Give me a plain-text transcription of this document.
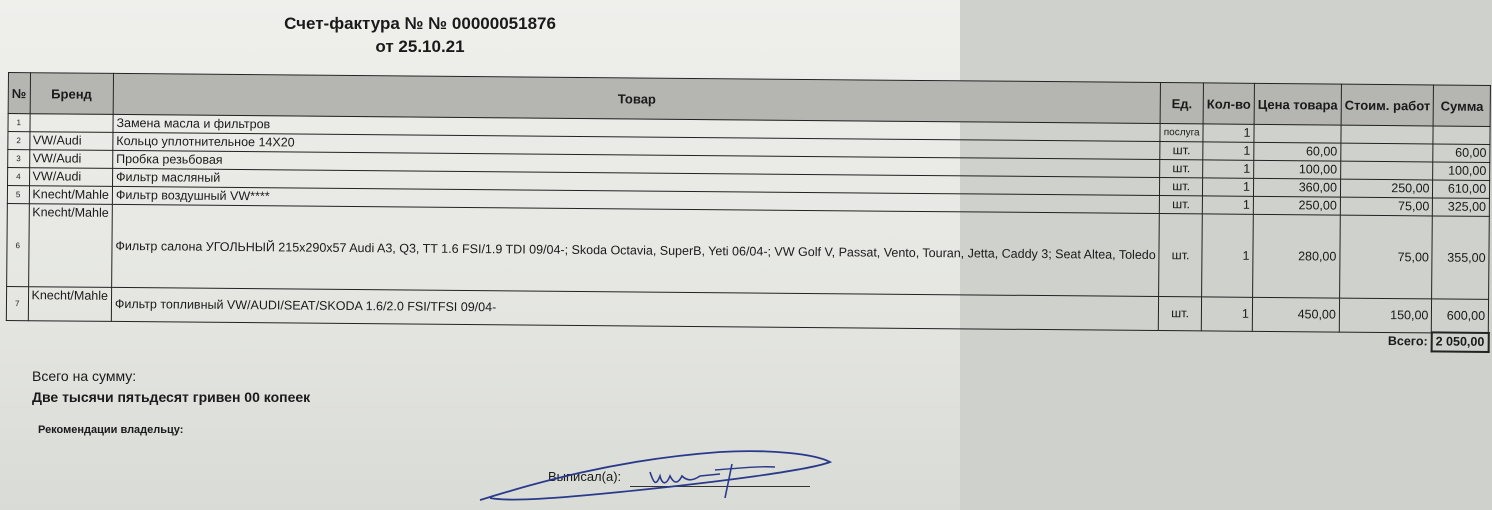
Счет-фактура № № 00000051876
от 25.10.21
№	Бренд	Товар	Ед.	Кол-во	Цена товара	Стоим. работ	Сумма
1		Замена масла и фильтров	послуга	1			
2	VW/Audi	Кольцо уплотнительное 14X20	шт.	1	60,00		60,00
3	VW/Audi	Пробка резьбовая	шт.	1	100,00		100,00
4	VW/Audi	Фильтр масляный	шт.	1	360,00	250,00	610,00
5	Knecht/Mahle	Фильтр воздушный VW****	шт.	1	250,00	75,00	325,00
6	Knecht/Mahle	Фильтр салона УГОЛЬНЫЙ 215x290x57 Audi A3, Q3, TT 1.6 FSI/1.9 TDI 09/04-; Skoda Octavia, SuperB, Yeti 06/04-; VW Golf V, Passat, Vento, Touran, Jetta, Caddy 3; Seat Altea, Toledo	шт.	1	280,00	75,00	355,00
7	Knecht/Mahle	Фильтр топливный VW/AUDI/SEAT/SKODA 1.6/2.0 FSI/TFSI 09/04-	шт.	1	450,00	150,00	600,00
Всего:							2 050,00
Всего на сумму:
Две тысячи пятьдесят гривен 00 копеек
Рекомендации владельцу:
Выписал(а):
